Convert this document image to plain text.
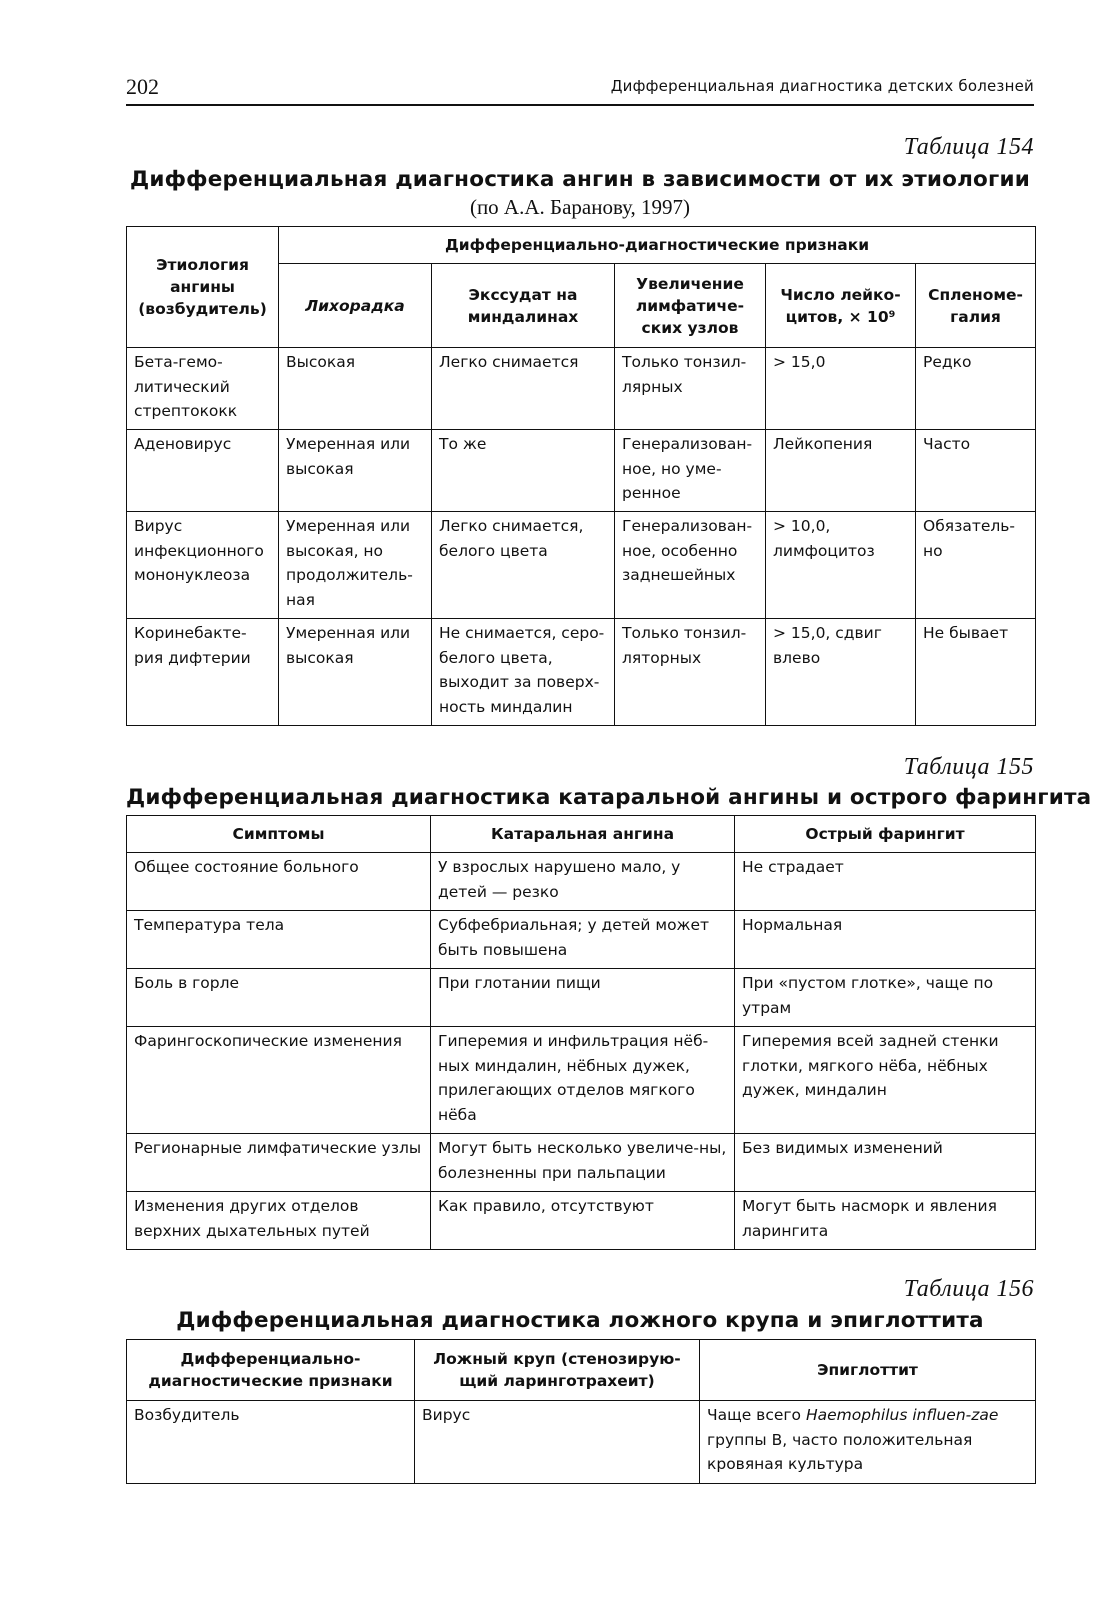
202	Дифференциальная диагностика детских болезней
Таблица 154
Дифференциальная диагностика ангин в зависимости от их этиологии
(по А.А. Баранову, 1997)
Этиология ангины (возбудитель)	Дифференциально-диагностические признаки				
	Лихорадка	Экссудат на миндалинах	Увеличение лимфатиче-ских узлов	Число лейко-цитов, × 10⁹	Спленоме-галия
Бета-гемо-литический стрептококк	Высокая	Легко снимается	Только тонзил-лярных	> 15,0	Редко
Аденовирус	Умеренная или высокая	То же	Генерализован-ное, но уме-ренное	Лейкопения	Часто
Вирус инфекционного мононуклеоза	Умеренная или высокая, но продолжитель-ная	Легко снимается, белого цвета	Генерализован-ное, особенно заднешейных	> 10,0, лимфоцитоз	Обязатель-но
Коринебакте-рия дифтерии	Умеренная или высокая	Не снимается, серо-белого цвета, выходит за поверх-ность миндалин	Только тонзил-ляторных	> 15,0, сдвиг влево	Не бывает
Таблица 155
Дифференциальная диагностика катаральной ангины и острого фарингита
Симптомы	Катаральная ангина	Острый фарингит
Общее состояние больного	У взрослых нарушено мало, у детей — резко	Не страдает
Температура тела	Субфебриальная; у детей может быть повышена	Нормальная
Боль в горле	При глотании пищи	При «пустом глотке», чаще по утрам
Фарингоскопические изменения	Гиперемия и инфильтрация нёб-ных миндалин, нёбных дужек, прилегающих отделов мягкого нёба	Гиперемия всей задней стенки глотки, мягкого нёба, нёбных дужек, миндалин
Регионарные лимфатические узлы	Могут быть несколько увеличе-ны, болезненны при пальпации	Без видимых изменений
Изменения других отделов верхних дыхательных путей	Как правило, отсутствуют	Могут быть насморк и явления ларингита
Таблица 156
Дифференциальная диагностика ложного крупа и эпиглоттита
Дифференциально-диагностические признаки	Ложный круп (стенозирую-щий ларинготрахеит)	Эпиглоттит
Возбудитель	Вирус	Чаще всего Haemophilus influen-zae группы В, часто положительная кровяная культура
